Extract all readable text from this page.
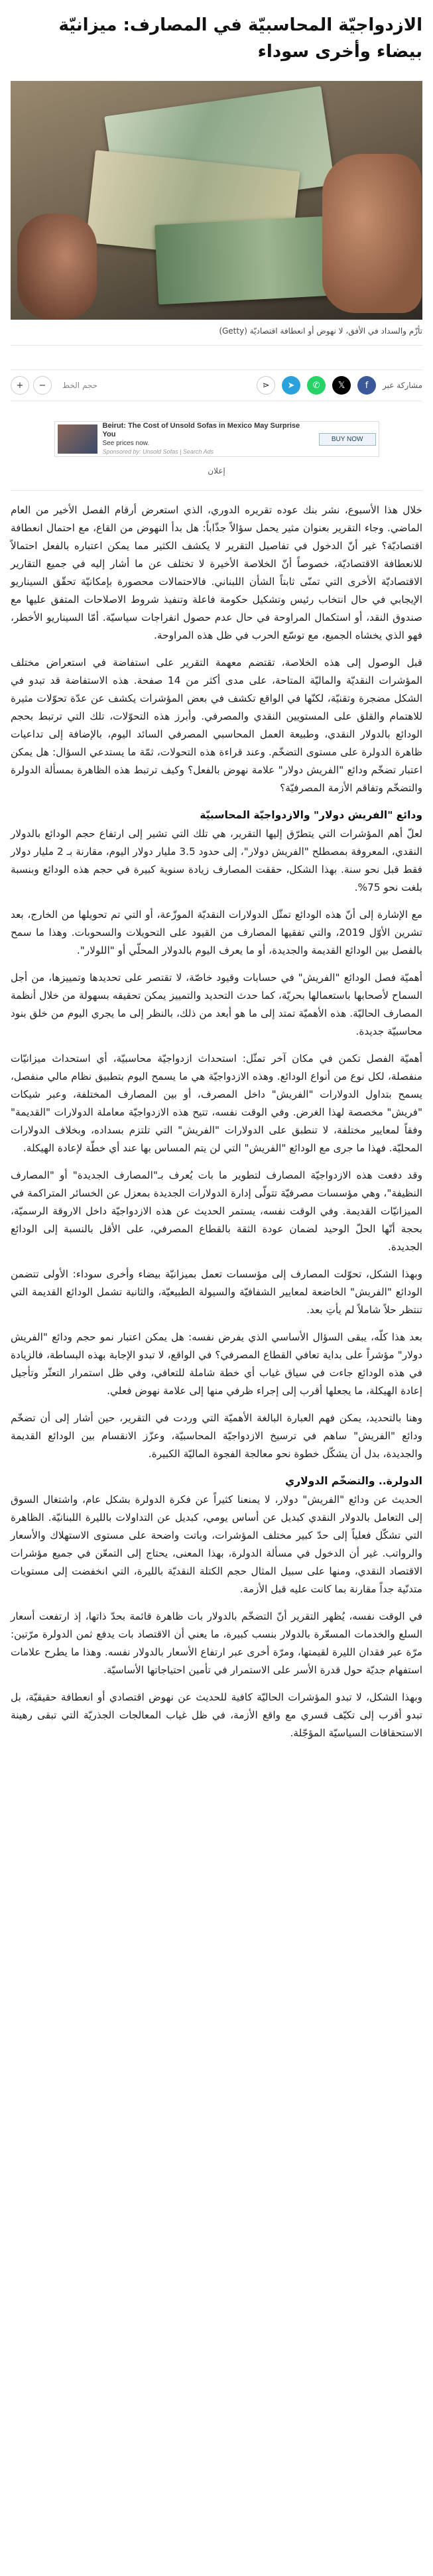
الازدواجيّة المحاسبيّة في المصارف: ميزانيّة بيضاء وأخرى سوداء

تأزّم والسداد في الأفق، لا نهوض أو انعطافة اقتصاديّة (Getty)

مشاركة عبر
f
𝕏
✆
➤
⋖
حجم الخط
−
+
Beirut: The Cost of Unsold Sofas in Mexico May Surprise You
See prices now.
Sponsored by: Unsold Sofas | Search Ads
BUY NOW

إعلان

خلال هذا الأسبوع، نشر بنك عوده تقريره الدوري، الذي استعرض أرقام الفصل الأخير من العام الماضي. وجاء التقرير بعنوان مثير يحمل سؤالاً جذّاباً: هل بدأ النهوض من القاع، مع احتمال انعطافة اقتصاديّة؟ غير أنّ الدخول في تفاصيل التقرير لا يكشف الكثير مما يمكن اعتباره بالفعل احتمالاً للانعطافة الاقتصاديّة، خصوصاً أنّ الخلاصة الأخيرة لا تختلف عن ما أشار إليه في جميع التقارير الاقتصاديّة الأخرى التي تمنّى ثابتاً الشأن اللبناني. فالاحتمالات محصورة بإمكانيّة تحقّق السيناريو الإيجابي في حال انتخاب رئيس وتشكيل حكومة فاعلة وتنفيذ شروط الاصلاحات المتفق عليها مع صندوق النقد، أو استكمال المراوحة في حال عدم حصول انفراجات سياسيّة. أمّا السيناريو الأخطر، فهو الذي يخشاه الجميع، مع توسّع الحرب في ظل هذه المراوحة.

قبل الوصول إلى هذه الخلاصة، تقتضم معهمة التقرير على استفاضة في استعراض مختلف المؤشرات النقديّة والماليّة المتاحة، على مدى أكثر من 14 صفحة. هذه الاستفاضة قد تبدو في الشكل مضجرة وتقنيّة، لكنّها في الواقع تكشف في بعض المؤشرات يكشف عن عدّة تحوّلات مثيرة للاهتمام والقلق على المستويين النقدي والمصرفي. وأبرز هذه التحوّلات، تلك التي ترتبط بحجم الودائع بالدولار النقدي، وطبيعة العمل المحاسبي المصرفي السائد اليوم، بالإضافة إلى تداعيات ظاهرة الدولرة على مستوى التضخّم. وعند قراءة هذه التحولات، ثمّة ما يستدعي السؤال: هل يمكن اعتبار تضخّم ودائع "الفريش دولار" علامة نهوض بالفعل؟ وكيف ترتبط هذه الظاهرة بمسألة الدولرة والتضخّم وتفاقم الأزمة المصرفيّة؟

ودائع "الفريش دولار" والازدواجيّة المحاسبيّة

لعلّ أهم المؤشرات التي يتطرّق إليها التقرير، هي تلك التي تشير إلى ارتفاع حجم الودائع بالدولار النقدي، المعروفة بمصطلح "الفريش دولار"، إلى حدود 3.5 مليار دولار اليوم، مقارنة بـ 2 مليار دولار فقط قبل نحو سنة. بهذا الشكل، حققت المصارف زيادة سنوية كبيرة في حجم هذه الودائع وبنسبة بلغت نحو 75%.

مع الإشارة إلى أنّ هذه الودائع تمثّل الدولارات النقديّة الموزّعة، أو التي تم تحويلها من الخارج، بعد تشرين الأوّل 2019، والتي تفقيها المصارف من القيود على التحويلات والسحوبات. وهذا ما سمح بالفصل بين الودائع القديمة والجديدة، أو ما يعرف اليوم بالدولار المحلّي أو "اللولار".

أهميّة فصل الودائع "الفريش" في حسابات وقيود خاصّة، لا تقتصر على تحديدها وتمييزها، من أجل السماح لأصحابها باستعمالها بحريّة، كما حدث التحديد والتمييز يمكن تحقيقه بسهولة من خلال أنظمة المصارف الحاليّة. هذه الأهميّة تمتد إلى ما هو أبعد من ذلك، بالنظر إلى ما يجري اليوم من خلق بنود محاسبيّة جديدة.

أهميّة الفصل تكمن في مكان آخر تمثّل: استحداث ازدواجيّة محاسبيّة، أي استحداث ميزانيّات منفصلة، لكل نوع من أنواع الودائع. وهذه الازدواجيّة هي ما يسمح اليوم بتطبيق نظام مالي منفصل، يسمح بتداول الدولارات "الفريش" داخل المصرف، أو بين المصارف المختلفة، وعبر شيكات "فريش" مخصصة لهذا الغرض. وفي الوقت نفسه، تتيح هذه الازدواجيّة معاملة الدولارات "القديمة" وفقاً لمعايير مختلفة، لا تنطبق على الدولارات "الفريش" التي تلتزم بسداده، وبخلاف الدولارات المحليّة. فهذا ما جرى مع الودائع "الفريش" التي لن يتم المساس بها عند أي خطّة لإعادة الهيكلة.

وقد دفعت هذه الازدواجيّة المصارف لتطوير ما بات يُعرف بـ"المصارف الجديدة" أو "المصارف النظيفة"، وهي مؤسسات مصرفيّة تتولّى إدارة الدولارات الجديدة بمعزل عن الخسائر المتراكمة في الميزانيّات القديمة. وفي الوقت نفسه، يستمر الحديث عن هذه الازدواجيّة داخل الاروقة الرسميّة، بحجة أنّها الحلّ الوحيد لضمان عودة الثقة بالقطاع المصرفي، على الأقل بالنسبة إلى الودائع الجديدة.

وبهذا الشكل، تحوّلت المصارف إلى مؤسسات تعمل بميزانيّة بيضاء وأخرى سوداء: الأولى تتضمن الودائع "الفريش" الخاضعة لمعايير الشفافيّة والسيولة الطبيعيّة، والثانية تشمل الودائع القديمة التي تنتظر حلاً شاملاً لم يأتِ بعد.

بعد هذا كلّه، يبقى السؤال الأساسي الذي يفرض نفسه: هل يمكن اعتبار نمو حجم ودائع "الفريش دولار" مؤشراً على بداية تعافي القطاع المصرفي؟ في الواقع، لا تبدو الإجابة بهذه البساطة، فالزيادة في هذه الودائع جاءت في سياق غياب أي خطة شاملة للتعافي، وفي ظل استمرار التعثّر وتأجيل إعادة الهيكلة، ما يجعلها أقرب إلى إجراء ظرفي منها إلى علامة نهوض فعلي.

وهنا بالتحديد، يمكن فهم العبارة البالغة الأهميّة التي وردت في التقرير، حين أشار إلى أن تضخّم ودائع "الفريش" ساهم في ترسيخ الازدواجيّة المحاسبيّة، وعزّز الانقسام بين الودائع القديمة والجديدة، بدل أن يشكّل خطوة نحو معالجة الفجوة الماليّة الكبيرة.

الدولرة.. والتضخّم الدولاري

الحديث عن ودائع "الفريش" دولار، لا يمنعنا كثيراً عن فكرة الدولرة بشكل عام، واشتغال السوق إلى التعامل بالدولار النقدي كبديل عن أساس يومي، كبديل عن التداولات بالليرة اللبنانيّة. الظاهرة التي تشكّل فعلياً إلى حدّ كبير مختلف المؤشرات، وباتت واضحة على مستوى الاستهلاك والأسعار والرواتب. غير أن الدخول في مسألة الدولرة، بهذا المعنى، يحتاج إلى التمعّن في جميع مؤشرات الاقتصاد النقدي، ومنها على سبيل المثال حجم الكتلة النقديّة بالليرة، التي انخفضت إلى مستويات متدنّية جداً مقارنة بما كانت عليه قبل الأزمة.

في الوقت نفسه، يُظهر التقرير أنّ التضخّم بالدولار بات ظاهرة قائمة بحدّ ذاتها، إذ ارتفعت أسعار السلع والخدمات المسعّرة بالدولار بنسب كبيرة، ما يعني أن الاقتصاد بات يدفع ثمن الدولرة مرّتين: مرّة عبر فقدان الليرة لقيمتها، ومرّة أخرى عبر ارتفاع الأسعار بالدولار نفسه. وهذا ما يطرح علامات استفهام جديّة حول قدرة الأسر على الاستمرار في تأمين احتياجاتها الأساسيّة.

وبهذا الشكل، لا تبدو المؤشرات الحاليّة كافية للحديث عن نهوض اقتصادي أو انعطافة حقيقيّة، بل تبدو أقرب إلى تكيّف قسري مع واقع الأزمة، في ظل غياب المعالجات الجذريّة التي تبقى رهينة الاستحقاقات السياسيّة المؤجّلة.
